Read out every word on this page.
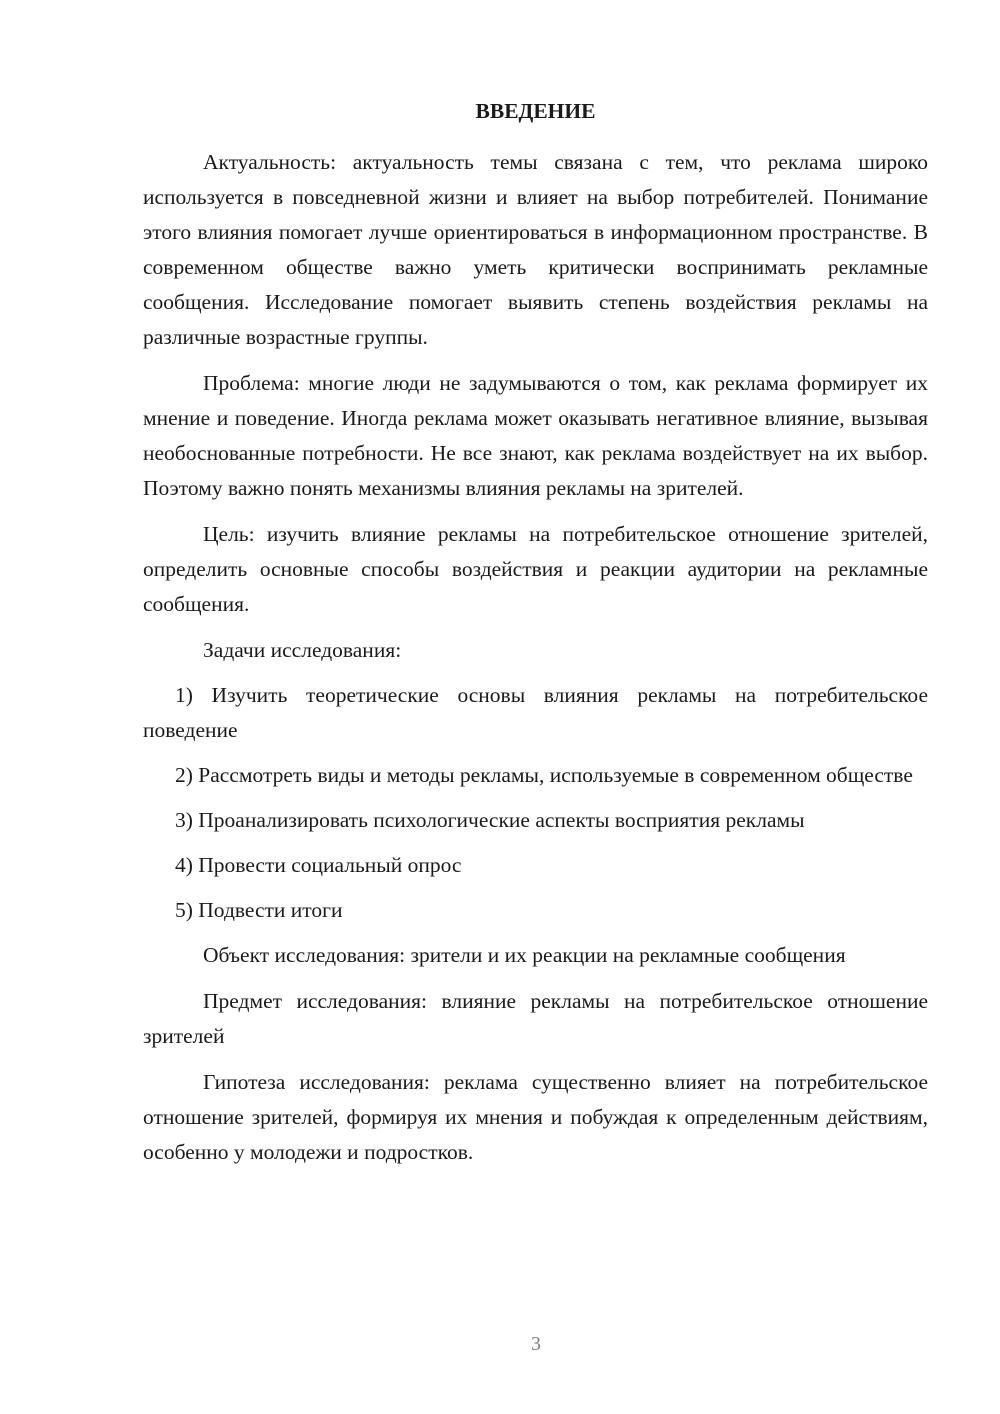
ВВЕДЕНИЕ

Актуальность: актуальность темы связана с тем, что реклама широко используется в повседневной жизни и влияет на выбор потребителей. Понимание этого влияния помогает лучше ориентироваться в информационном пространстве. В современном обществе важно уметь критически воспринимать рекламные сообщения. Исследование помогает выявить степень воздействия рекламы на различные возрастные группы.

Проблема: многие люди не задумываются о том, как реклама формирует их мнение и поведение. Иногда реклама может оказывать негативное влияние, вызывая необоснованные потребности. Не все знают, как реклама воздействует на их выбор. Поэтому важно понять механизмы влияния рекламы на зрителей.

Цель: изучить влияние рекламы на потребительское отношение зрителей, определить основные способы воздействия и реакции аудитории на рекламные сообщения.

Задачи исследования:

1) Изучить теоретические основы влияния рекламы на потребительское поведение

2) Рассмотреть виды и методы рекламы, используемые в современном обществе

3) Проанализировать психологические аспекты восприятия рекламы

4) Провести социальный опрос

5) Подвести итоги

Объект исследования: зрители и их реакции на рекламные сообщения

Предмет исследования: влияние рекламы на потребительское отношение зрителей

Гипотеза исследования: реклама существенно влияет на потребительское отношение зрителей, формируя их мнения и побуждая к определенным действиям, особенно у молодежи и подростков.

3
